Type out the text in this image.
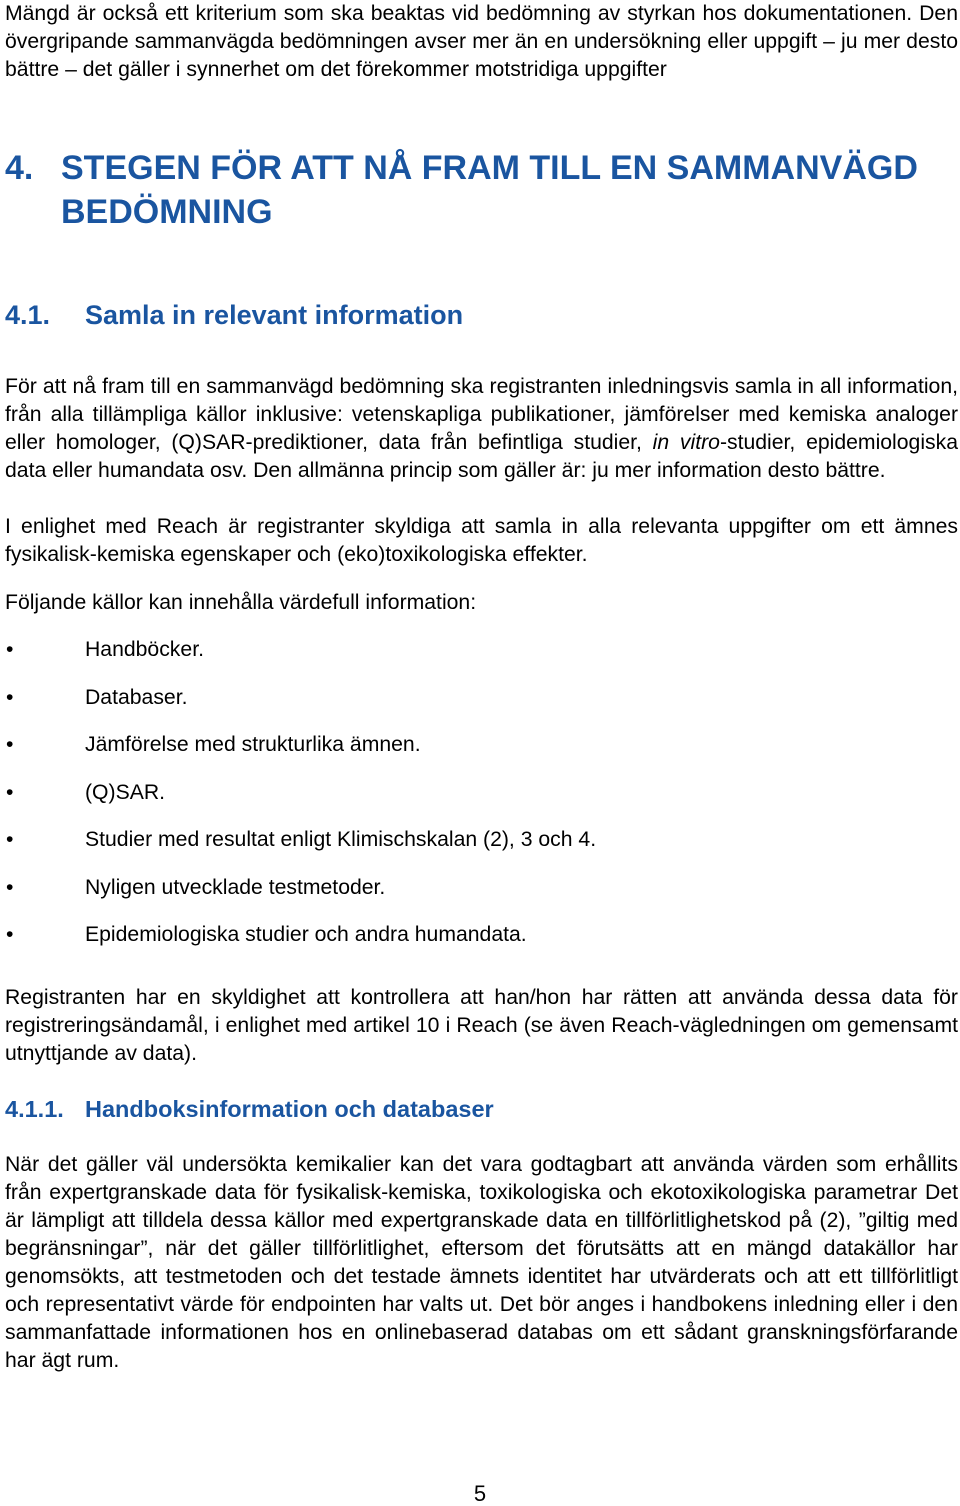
Mängd är också ett kriterium som ska beaktas vid bedömning av styrkan hos dokumentationen. Den övergripande sammanvägda bedömningen avser mer än en undersökning eller uppgift – ju mer desto bättre – det gäller i synnerhet om det förekommer motstridiga uppgifter

4. STEGEN FÖR ATT NÅ FRAM TILL EN SAMMANVÄGD BEDÖMNING
4.1.	Samla in relevant information

För att nå fram till en sammanvägd bedömning ska registranten inledningsvis samla in all information, från alla tillämpliga källor inklusive: vetenskapliga publikationer, jämförelser med kemiska analoger eller homologer, (Q)SAR-prediktioner, data från befintliga studier, in vitro-studier, epidemiologiska data eller humandata osv. Den allmänna princip som gäller är: ju mer information desto bättre.

I enlighet med Reach är registranter skyldiga att samla in alla relevanta uppgifter om ett ämnes fysikalisk-kemiska egenskaper och (eko)toxikologiska effekter.

Följande källor kan innehålla värdefull information:

•	Handböcker.
•	Databaser.
•	Jämförelse med strukturlika ämnen.
•	(Q)SAR.
•	Studier med resultat enligt Klimischskalan (2), 3 och 4.
•	Nyligen utvecklade testmetoder.
•	Epidemiologiska studier och andra humandata.

Registranten har en skyldighet att kontrollera att han/hon har rätten att använda dessa data för registreringsändamål, i enlighet med artikel 10 i Reach (se även Reach-vägledningen om gemensamt utnyttjande av data).

4.1.1. Handboksinformation och databaser

När det gäller väl undersökta kemikalier kan det vara godtagbart att använda värden som erhållits från expertgranskade data för fysikalisk-kemiska, toxikologiska och ekotoxikologiska parametrar Det är lämpligt att tilldela dessa källor med expertgranskade data en tillförlitlighetskod på (2), ”giltig med begränsningar”, när det gäller tillförlitlighet, eftersom det förutsätts att en mängd datakällor har genomsökts, att testmetoden och det testade ämnets identitet har utvärderats och att ett tillförlitligt och representativt värde för endpointen har valts ut. Det bör anges i handbokens inledning eller i den sammanfattade informationen hos en onlinebaserad databas om ett sådant granskningsförfarande har ägt rum.

5
